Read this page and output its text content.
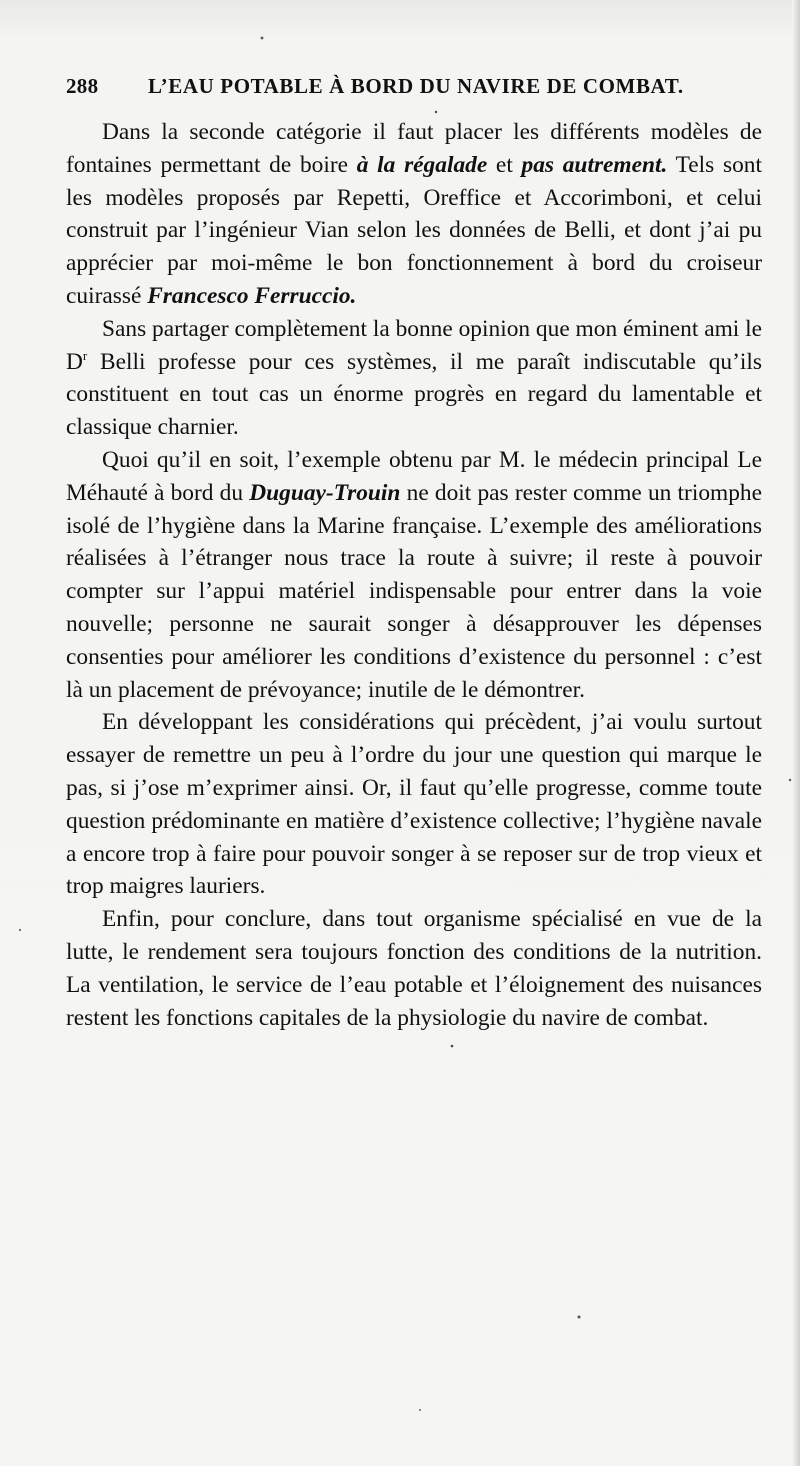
288 L’EAU POTABLE À BORD DU NAVIRE DE COMBAT.

Dans la seconde catégorie il faut placer les différents modèles de fontaines permettant de boire à la régalade et pas autrement. Tels sont les modèles proposés par Repetti, Oreffice et Accorimboni, et celui construit par l’ingénieur Vian selon les données de Belli, et dont j’ai pu apprécier par moi-même le bon fonctionnement à bord du croiseur cuirassé Francesco Ferruccio.

Sans partager complètement la bonne opinion que mon éminent ami le $D^r$ Belli professe pour ces systèmes, il me paraît indiscutable qu’ils constituent en tout cas un énorme progrès en regard du lamentable et classique charnier.

Quoi qu’il en soit, l’exemple obtenu par M. le médecin principal Le Méhauté à bord du Duguay-Trouin ne doit pas rester comme un triomphe isolé de l’hygiène dans la Marine française. L’exemple des améliorations réalisées à l’étranger nous trace la route à suivre; il reste à pouvoir compter sur l’appui matériel indispensable pour entrer dans la voie nouvelle; personne ne saurait songer à désapprouver les dépenses consenties pour améliorer les conditions d’existence du personnel : c’est là un placement de prévoyance; inutile de le démontrer.

En développant les considérations qui précèdent, j’ai voulu surtout essayer de remettre un peu à l’ordre du jour une question qui marque le pas, si j’ose m’exprimer ainsi. Or, il faut qu’elle progresse, comme toute question prédominante en matière d’existence collective; l’hygiène navale a encore trop à faire pour pouvoir songer à se reposer sur de trop vieux et trop maigres lauriers.

Enfin, pour conclure, dans tout organisme spécialisé en vue de la lutte, le rendement sera toujours fonction des conditions de la nutrition. La ventilation, le service de l’eau potable et l’éloignement des nuisances restent les fonctions capitales de la physiologie du navire de combat.
